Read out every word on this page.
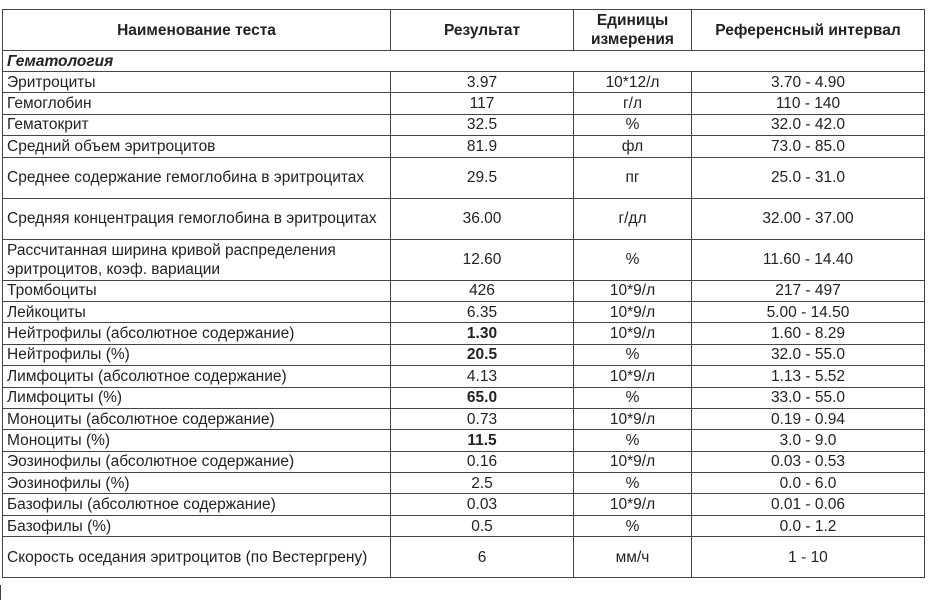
Наименование теста	Результат	Единицы измерения	Референсный интервал
Гематология			
Эритроциты	3.97	10*12/л	3.70 - 4.90
Гемоглобин	117	г/л	110 - 140
Гематокрит	32.5	%	32.0 - 42.0
Средний объем эритроцитов	81.9	фл	73.0 - 85.0
Среднее содержание гемоглобина в эритроцитах	29.5	пг	25.0 - 31.0
Средняя концентрация гемоглобина в эритроцитах	36.00	г/дл	32.00 - 37.00
Рассчитанная ширина кривой распределения эритроцитов, коэф. вариации	12.60	%	11.60 - 14.40
Тромбоциты	426	10*9/л	217 - 497
Лейкоциты	6.35	10*9/л	5.00 - 14.50
Нейтрофилы (абсолютное содержание)	1.30	10*9/л	1.60 - 8.29
Нейтрофилы (%)	20.5	%	32.0 - 55.0
Лимфоциты (абсолютное содержание)	4.13	10*9/л	1.13 - 5.52
Лимфоциты (%)	65.0	%	33.0 - 55.0
Моноциты (абсолютное содержание)	0.73	10*9/л	0.19 - 0.94
Моноциты (%)	11.5	%	3.0 - 9.0
Эозинофилы (абсолютное содержание)	0.16	10*9/л	0.03 - 0.53
Эозинофилы (%)	2.5	%	0.0 - 6.0
Базофилы (абсолютное содержание)	0.03	10*9/л	0.01 - 0.06
Базофилы (%)	0.5	%	0.0 - 1.2
Скорость оседания эритроцитов (по Вестергрену)	6	мм/ч	1 - 10
